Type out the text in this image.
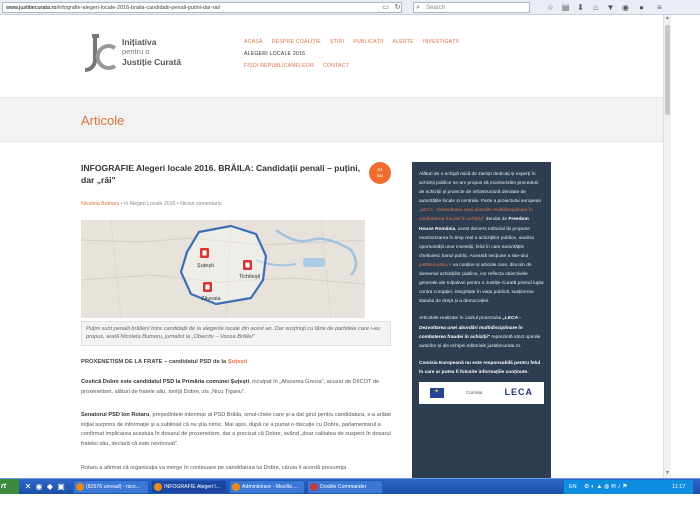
www.justitiecurata.ro/infografie-alegeri-locale-2016-braila-candidatii-penali-putini-dar-rai/	▭ ↻	⌕ Search	☆ ▤ ⬇	⌂	▼ ◉	●	≡
Inițiativa
pentru o
Justiție Curată
ACASĂ DESPRE COALIȚIE ȘTIRI PUBLICAȚII ALERTE INVESTIGAȚIIALEGERI LOCALE 2016
FIȘOI REPUBLICANELEOR CONTACT
Articole
INFOGRAFIE Alegeri locale 2016. BRĂILA: Candidații penali – puțini, dar „răi"
01
iun
Nicoleta Butnaru • în Alegeri Locale 2016 • Niciun comentariu
Șuțești
Tichilești
Zăvoaia
Puțini sunt penalii brăileni între candidații de la alegerile locale din acest an. Dar susținuți cu tărie de partidele care i-au propus, arată Nicoleta Butnaru, jurnalist la „Obiectiv – Vocea Brăilei"
PROXENETISM DE LA FRATE – candidatul PSD de la Șuțești
Costică Dobre este candidatul PSD la Primăria comunei Șuțești, inculpat în „Afacerea Grecia", acuzat de DIICOT de proxenetism, alături de fratele său, Ioniță Dobre, zis „Nicu Țiganu".
Senatorul PSD Ion Rotaru, președintele interimar al PSD Brăila, omul-cheie care și-a dat girul pentru candidatura, s-a arătat inițial surprins de informație și a subliniat că nu știa nimic. Mai apoi, după ce a purtat o discuție cu Dobre, parlamentarul a confirmat implicarea acestuia în dosarul de proxenetism, dar a precizat că Dobre, având „doar calitatea de suspect în dosarul fratelui său, declară că este nevinovat".
Rotaru a afirmat că organizația va merge în continuare pe candidatura lui Dobre, căruia îi acordă prezumția
Alături de o echipă mică de ziariști dedicați și experți în achiziții publice ne-am propus să monitorizăm procedurii de achiziții și proiecte de infrastructură derulate de autoritățile locale și centrale. Parte a proiectului european „LECA - Dezvoltarea unei abordări multidisciplinare în combaterea fraudei în achiziții" derulat de Freedom House România, acest demers editorial își propune monitorizarea în timp real a achizițiilor publice, analiza oportunității unor investiții, felul în care autoritățile cheltuiesc banul public. Această secțiune a site-ului justitiecurata.ro va conține și articole care, dincolo de domeniul achizițiilor publice, vor reflecta obiectivele generale ale Inițiativei pentru o Justiție Curată privind lupta contra corupției, integritate în viața publică, susținerea statului de drept și a democrației.
Articolele realizate în cadrul proiectului „LECA - Dezvoltarea unei abordări multidisciplinare în combaterea fraudei în achiziții" reprezintă strict opiniile autorilor și ale echipei editoriale justitiecurata.ro.
Comisia Europeană nu este responsabilă pentru felul în care ar putea fi folosite informațiile conținute.
✦
Comisia LECA
▲
▼
rt	✕ ◉ ◆ ▣	(82576 unread) - nico...	INFOGRAFIE Alegeri l...	Administrare - Mozilla ...	Double Commander	EN ⚙ ◐ ▲ ◍ ✉ ♪ ⚑	11:17
